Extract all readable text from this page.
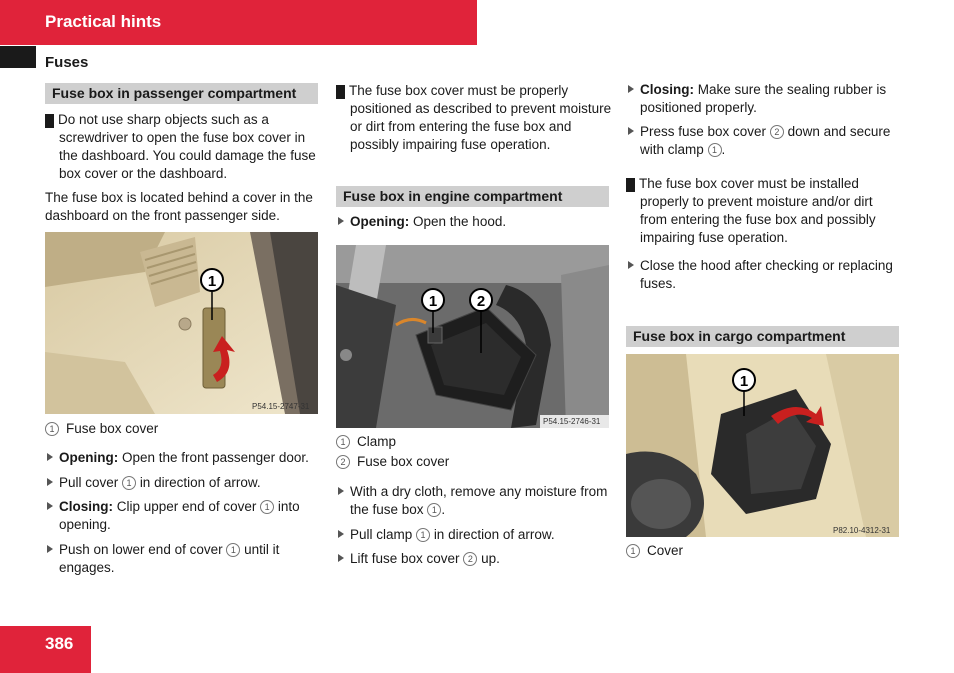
Practical hints
Fuses
Fuse box in passenger compartment
! Do not use sharp objects such as a screwdriver to open the fuse box cover in the dashboard. You could damage the fuse box cover or the dashboard.
The fuse box is located behind a cover in the dashboard on the front passenger side.
1
P54.15-2747-31
1 Fuse box cover
Opening: Open the front passenger door.
Pull cover 1 in direction of arrow.
Closing: Clip upper end of cover 1 into opening.
Push on lower end of cover 1 until it engages.
! The fuse box cover must be properly positioned as described to prevent moisture or dirt from entering the fuse box and possibly impairing fuse operation.
Fuse box in engine compartment
Opening: Open the hood.
1	2
P54.15-2746-31
1 Clamp
2 Fuse box cover
With a dry cloth, remove any moisture from the fuse box 1 .
Pull clamp 1 in direction of arrow.
Lift fuse box cover 2 up.
Closing: Make sure the sealing rubber is positioned properly.
Press fuse box cover 2 down and secure with clamp 1 .
! The fuse box cover must be installed properly to prevent moisture and/or dirt from entering the fuse box and possibly impairing fuse operation.
Close the hood after checking or replacing fuses.
Fuse box in cargo compartment
1
P82.10-4312-31
1 Cover
386
